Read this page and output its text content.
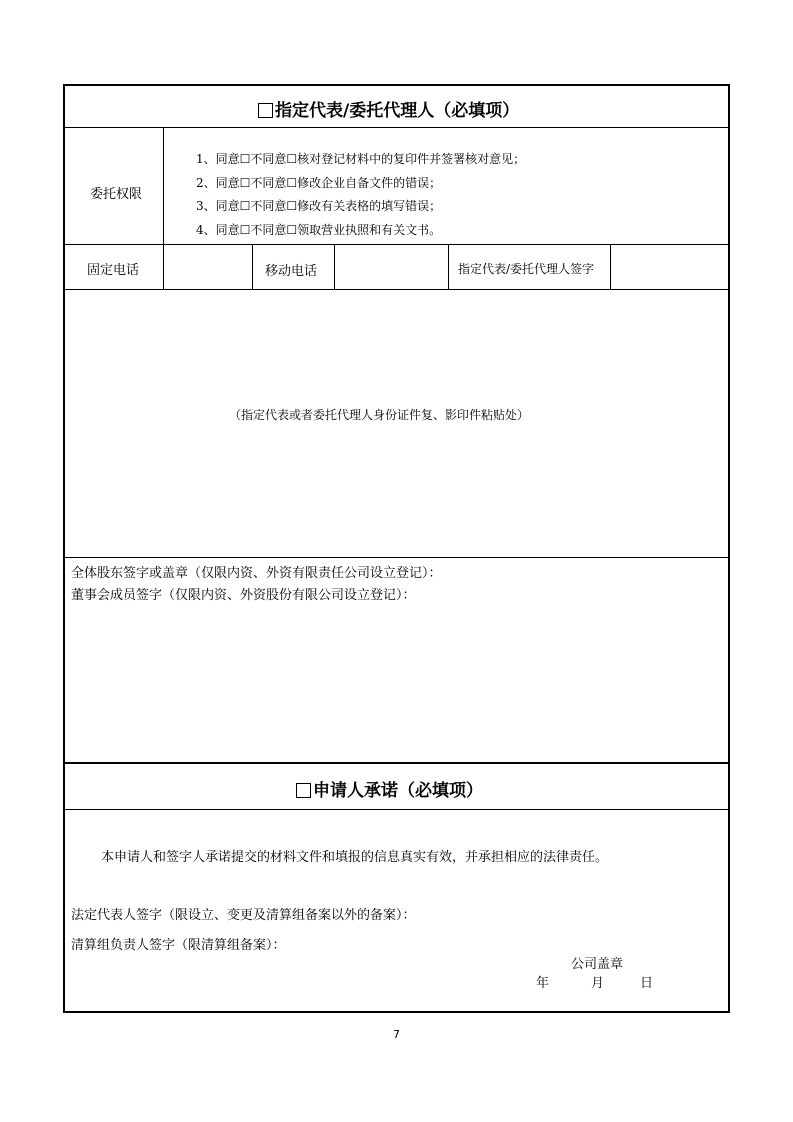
指定代表/委托代理人（必填项）
委托权限
1、同意☐不同意☐核对登记材料中的复印件并签署核对意见；
2、同意☐不同意☐修改企业自备文件的错误；
3、同意☐不同意☐修改有关表格的填写错误；
4、同意☐不同意☐领取营业执照和有关文书。
固定电话	移动电话	指定代表/委托代理人签字
（指定代表或者委托代理人身份证件复、影印件粘贴处）
全体股东签字或盖章（仅限内资、外资有限责任公司设立登记）：
董事会成员签字（仅限内资、外资股份有限公司设立登记）：
申请人承诺（必填项）
本申请人和签字人承诺提交的材料文件和填报的信息真实有效，并承担相应的法律责任。
法定代表人签字（限设立、变更及清算组备案以外的备案）：
清算组负责人签字（限清算组备案）：
公司盖章
年	月	日
7
